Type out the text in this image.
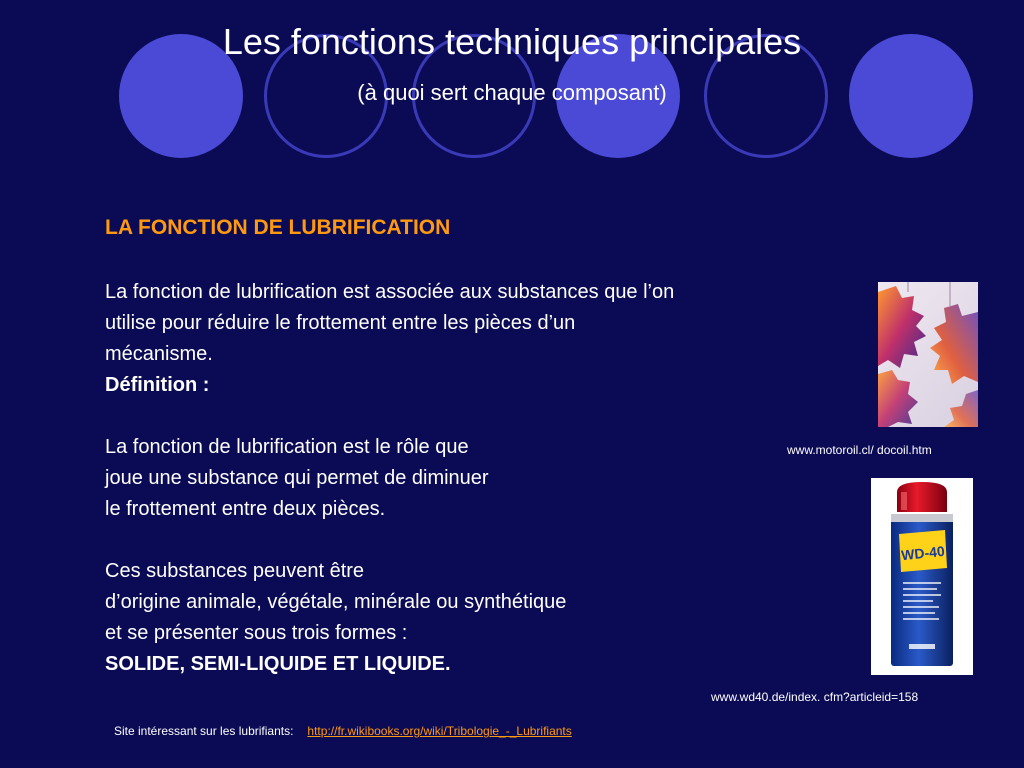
Les fonctions techniques principales
(à quoi sert chaque composant)
LA FONCTION DE LUBRIFICATION
La fonction de lubrification est associée aux substances que l’on
utilise pour réduire le frottement entre les pièces d’un
mécanisme.
Définition :
La fonction de lubrification est le rôle que
joue une substance qui permet de diminuer
le frottement entre deux pièces.
Ces substances peuvent être
d’origine animale, végétale, minérale ou synthétique
et se présenter sous trois formes :
SOLIDE, SEMI-LIQUIDE ET LIQUIDE.
www.motoroil.cl/ docoil.htm
WD-40
www.wd40.de/index. cfm?articleid=158
Site intéressant sur les lubrifiants: http://fr.wikibooks.org/wiki/Tribologie_-_Lubrifiants
